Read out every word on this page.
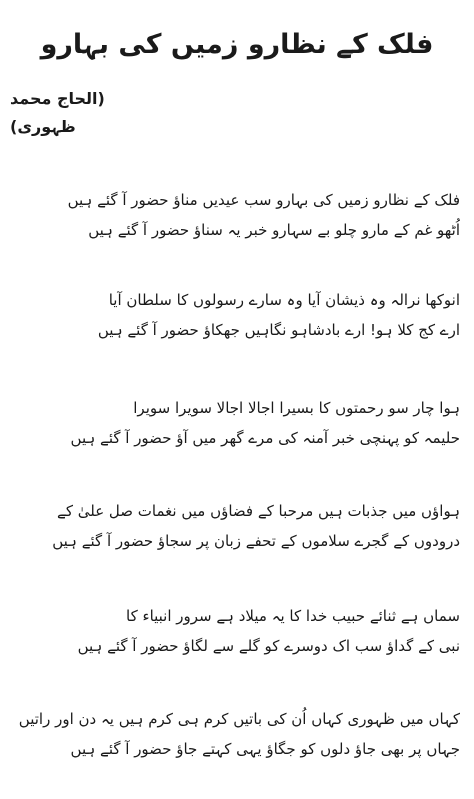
فلک کے نظارو زمیں کی بہارو
(الحاج محمد ظہوری)
فلک کے نظارو زمیں کی بہارو سب عیدیں مناؤ حضور آ گئے ہیں
اُٹھو غم کے مارو چلو بے سہارو خبر یہ سناؤ حضور آ گئے ہیں
انوکھا نرالہ وہ ذیشان آیا وہ سارے رسولوں کا سلطان آیا
ارے کج کلا ہو! ارے بادشاہو نگاہیں جھکاؤ حضور آ گئے ہیں
ہوا چار سو رحمتوں کا بسیرا اجالا اجالا سویرا سویرا
حلیمہ کو پہنچی خبر آمنہ کی مرے گھر میں آؤ حضور آ گئے ہیں
ہواؤں میں جذبات ہیں مرحبا کے فضاؤں میں نغمات صل علیٰ کے
درودوں کے گجرے سلاموں کے تحفے زبان پر سجاؤ حضور آ گئے ہیں
سماں ہے ثنائے حبیب خدا کا یہ میلاد ہے سرور انبیاء کا
نبی کے گداؤ سب اک دوسرے کو گلے سے لگاؤ حضور آ گئے ہیں
کہاں میں ظہوری کہاں اُن کی باتیں کرم ہی کرم ہیں یہ دن اور راتیں
جہاں پر بھی جاؤ دلوں کو جگاؤ یہی کہتے جاؤ حضور آ گئے ہیں
